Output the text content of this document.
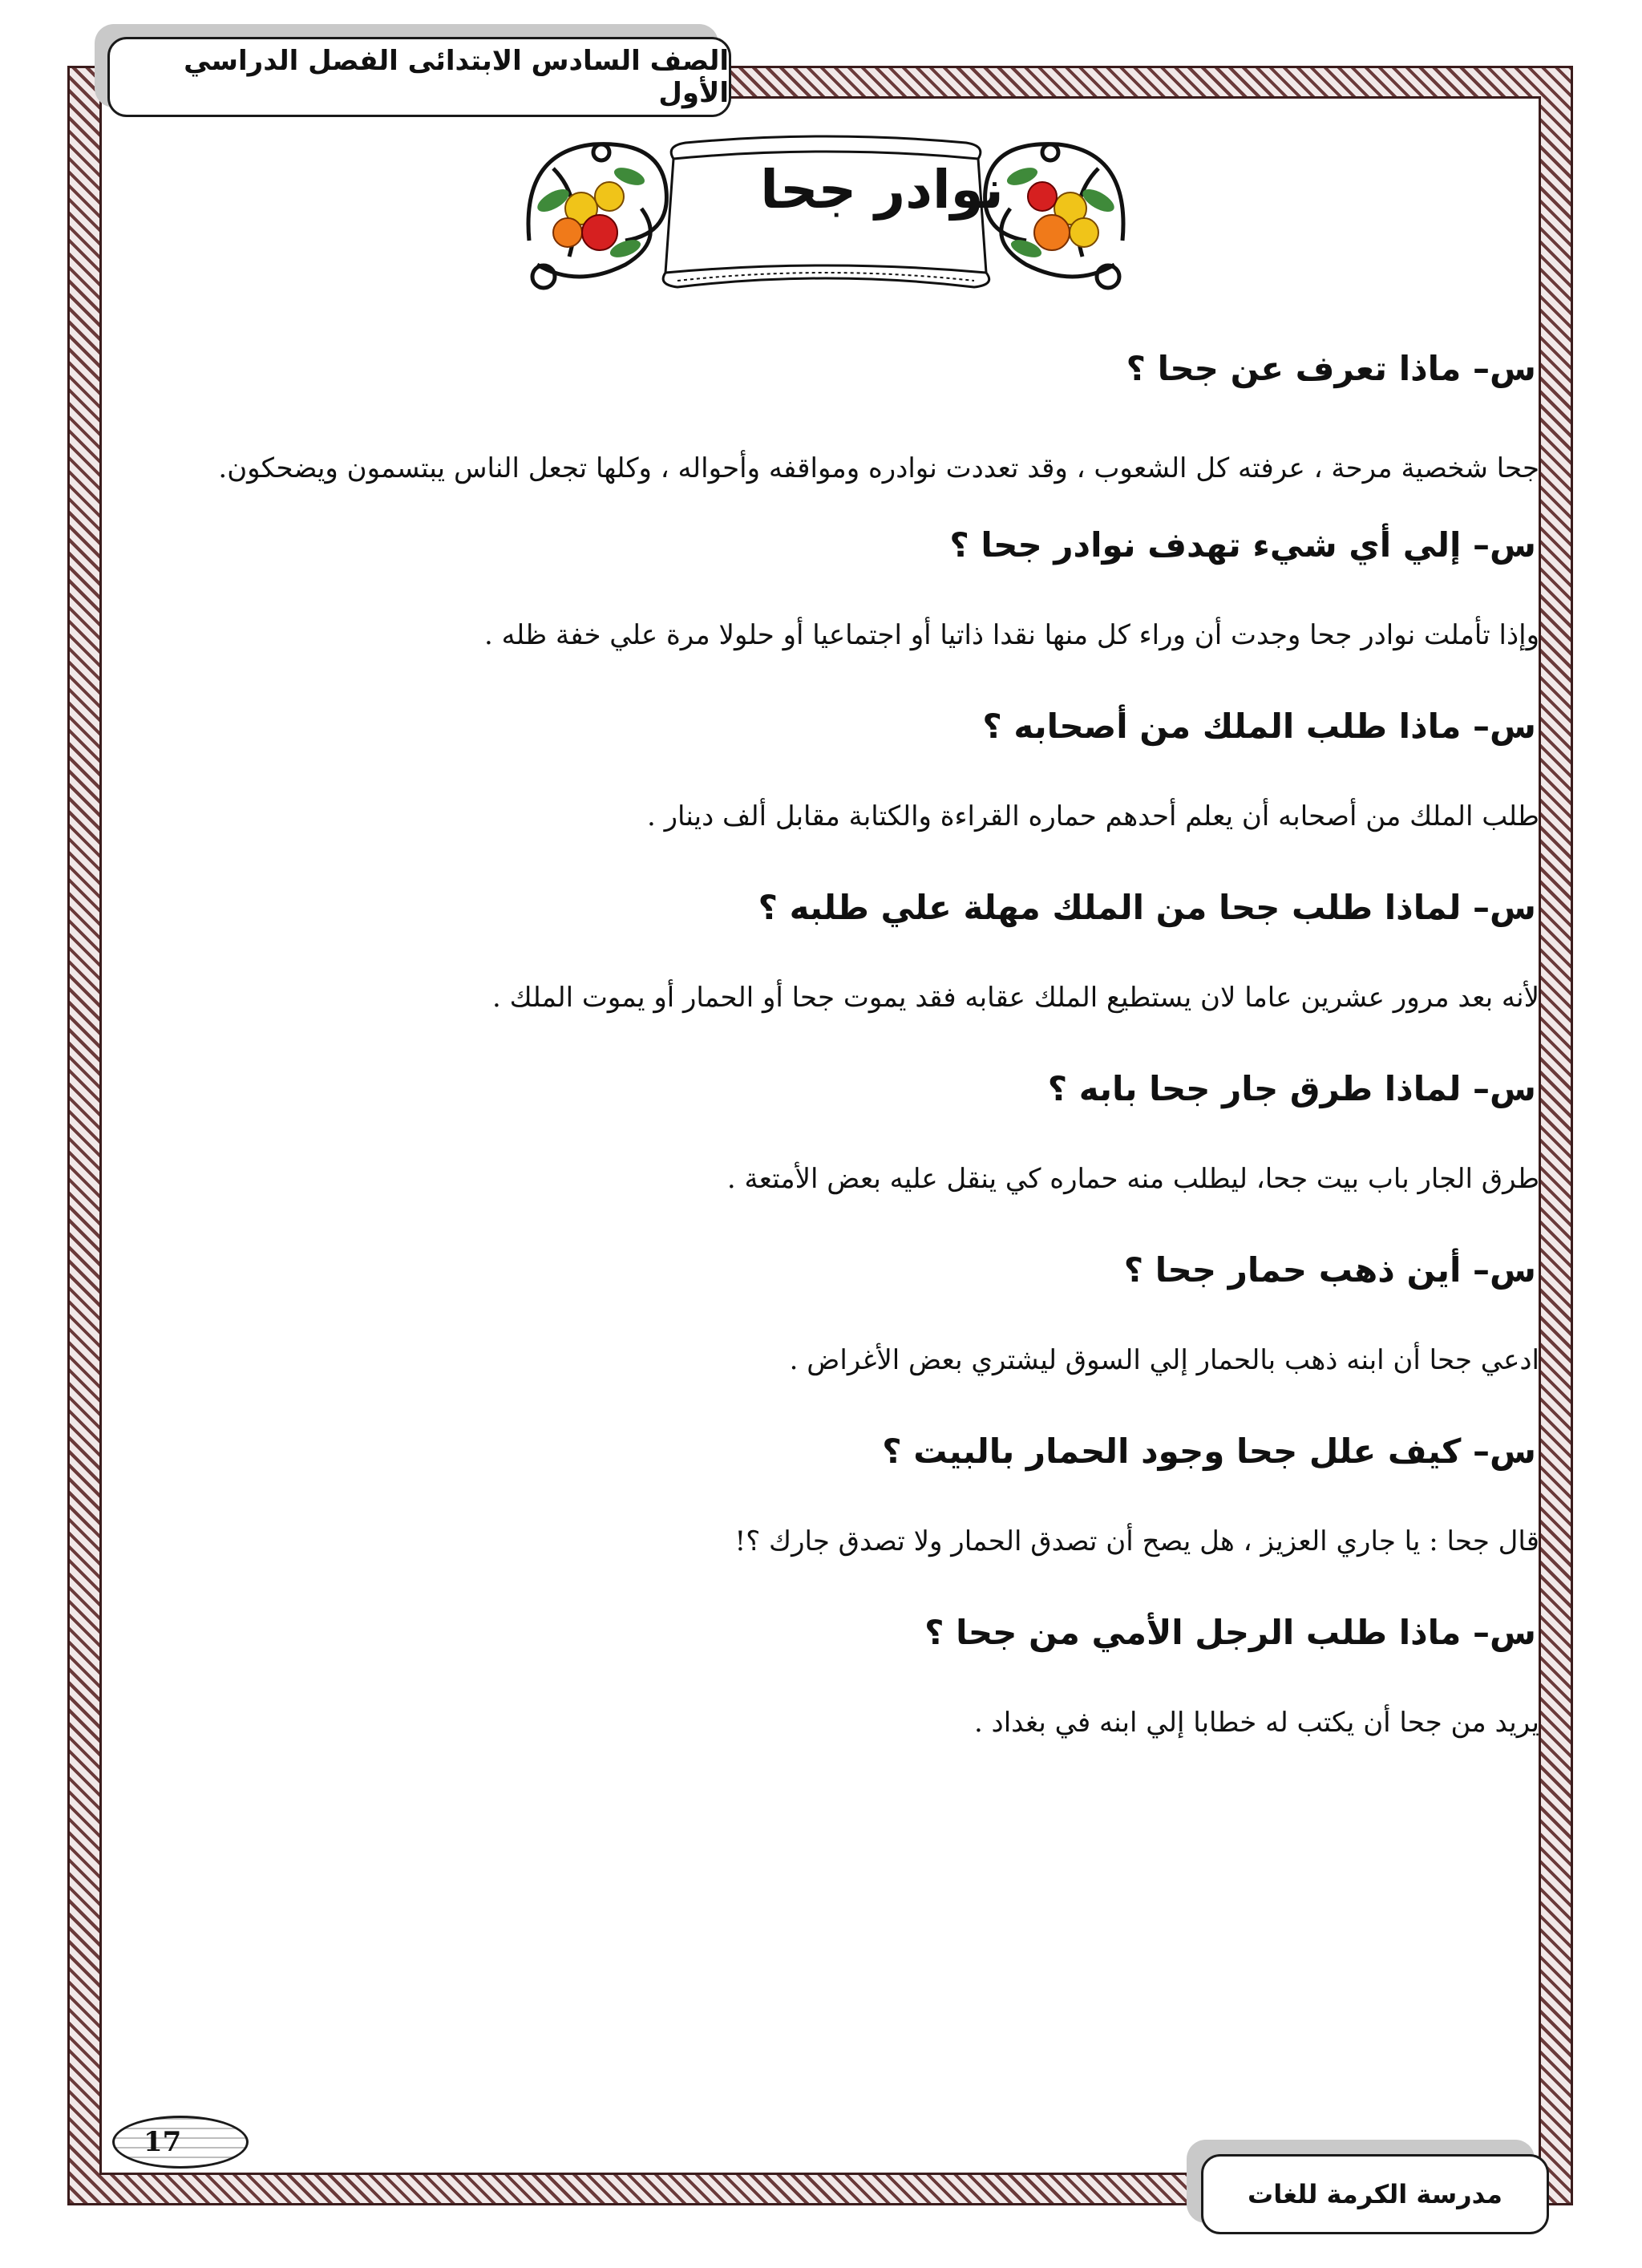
الصف السادس الابتدائى الفصل الدراسي الأول
نوادر جحا
س– ماذا تعرف عن جحا ؟
جحا شخصية مرحة ، عرفته كل الشعوب ، وقد تعددت نوادره ومواقفه وأحواله ، وكلها تجعل الناس يبتسمون ويضحكون.
س– إلي أي شيء تهدف نوادر جحا ؟
وإذا تأملت نوادر جحا وجدت أن وراء كل منها نقدا ذاتيا أو اجتماعيا أو حلولا مرة علي خفة ظله .
س– ماذا طلب الملك من أصحابه ؟
طلب الملك من أصحابه أن يعلم أحدهم حماره القراءة والكتابة مقابل ألف دينار .
س– لماذا طلب جحا من الملك مهلة علي طلبه ؟
لأنه بعد مرور عشرين عاما لان يستطيع الملك عقابه فقد يموت جحا أو الحمار أو يموت الملك .
س– لماذا طرق جار جحا بابه ؟
طرق الجار باب بيت جحا، ليطلب منه حماره كي ينقل عليه بعض الأمتعة .
س– أين ذهب حمار جحا ؟
ادعي جحا أن ابنه ذهب بالحمار إلي السوق ليشتري بعض الأغراض .
س– كيف علل جحا وجود الحمار بالبيت ؟
قال جحا : يا جاري العزيز ، هل يصح أن تصدق الحمار ولا تصدق جارك ؟!
س– ماذا طلب الرجل الأمي من جحا ؟
يريد من جحا أن يكتب له خطابا إلي ابنه في بغداد .
17
مدرسة الكرمة للغات
